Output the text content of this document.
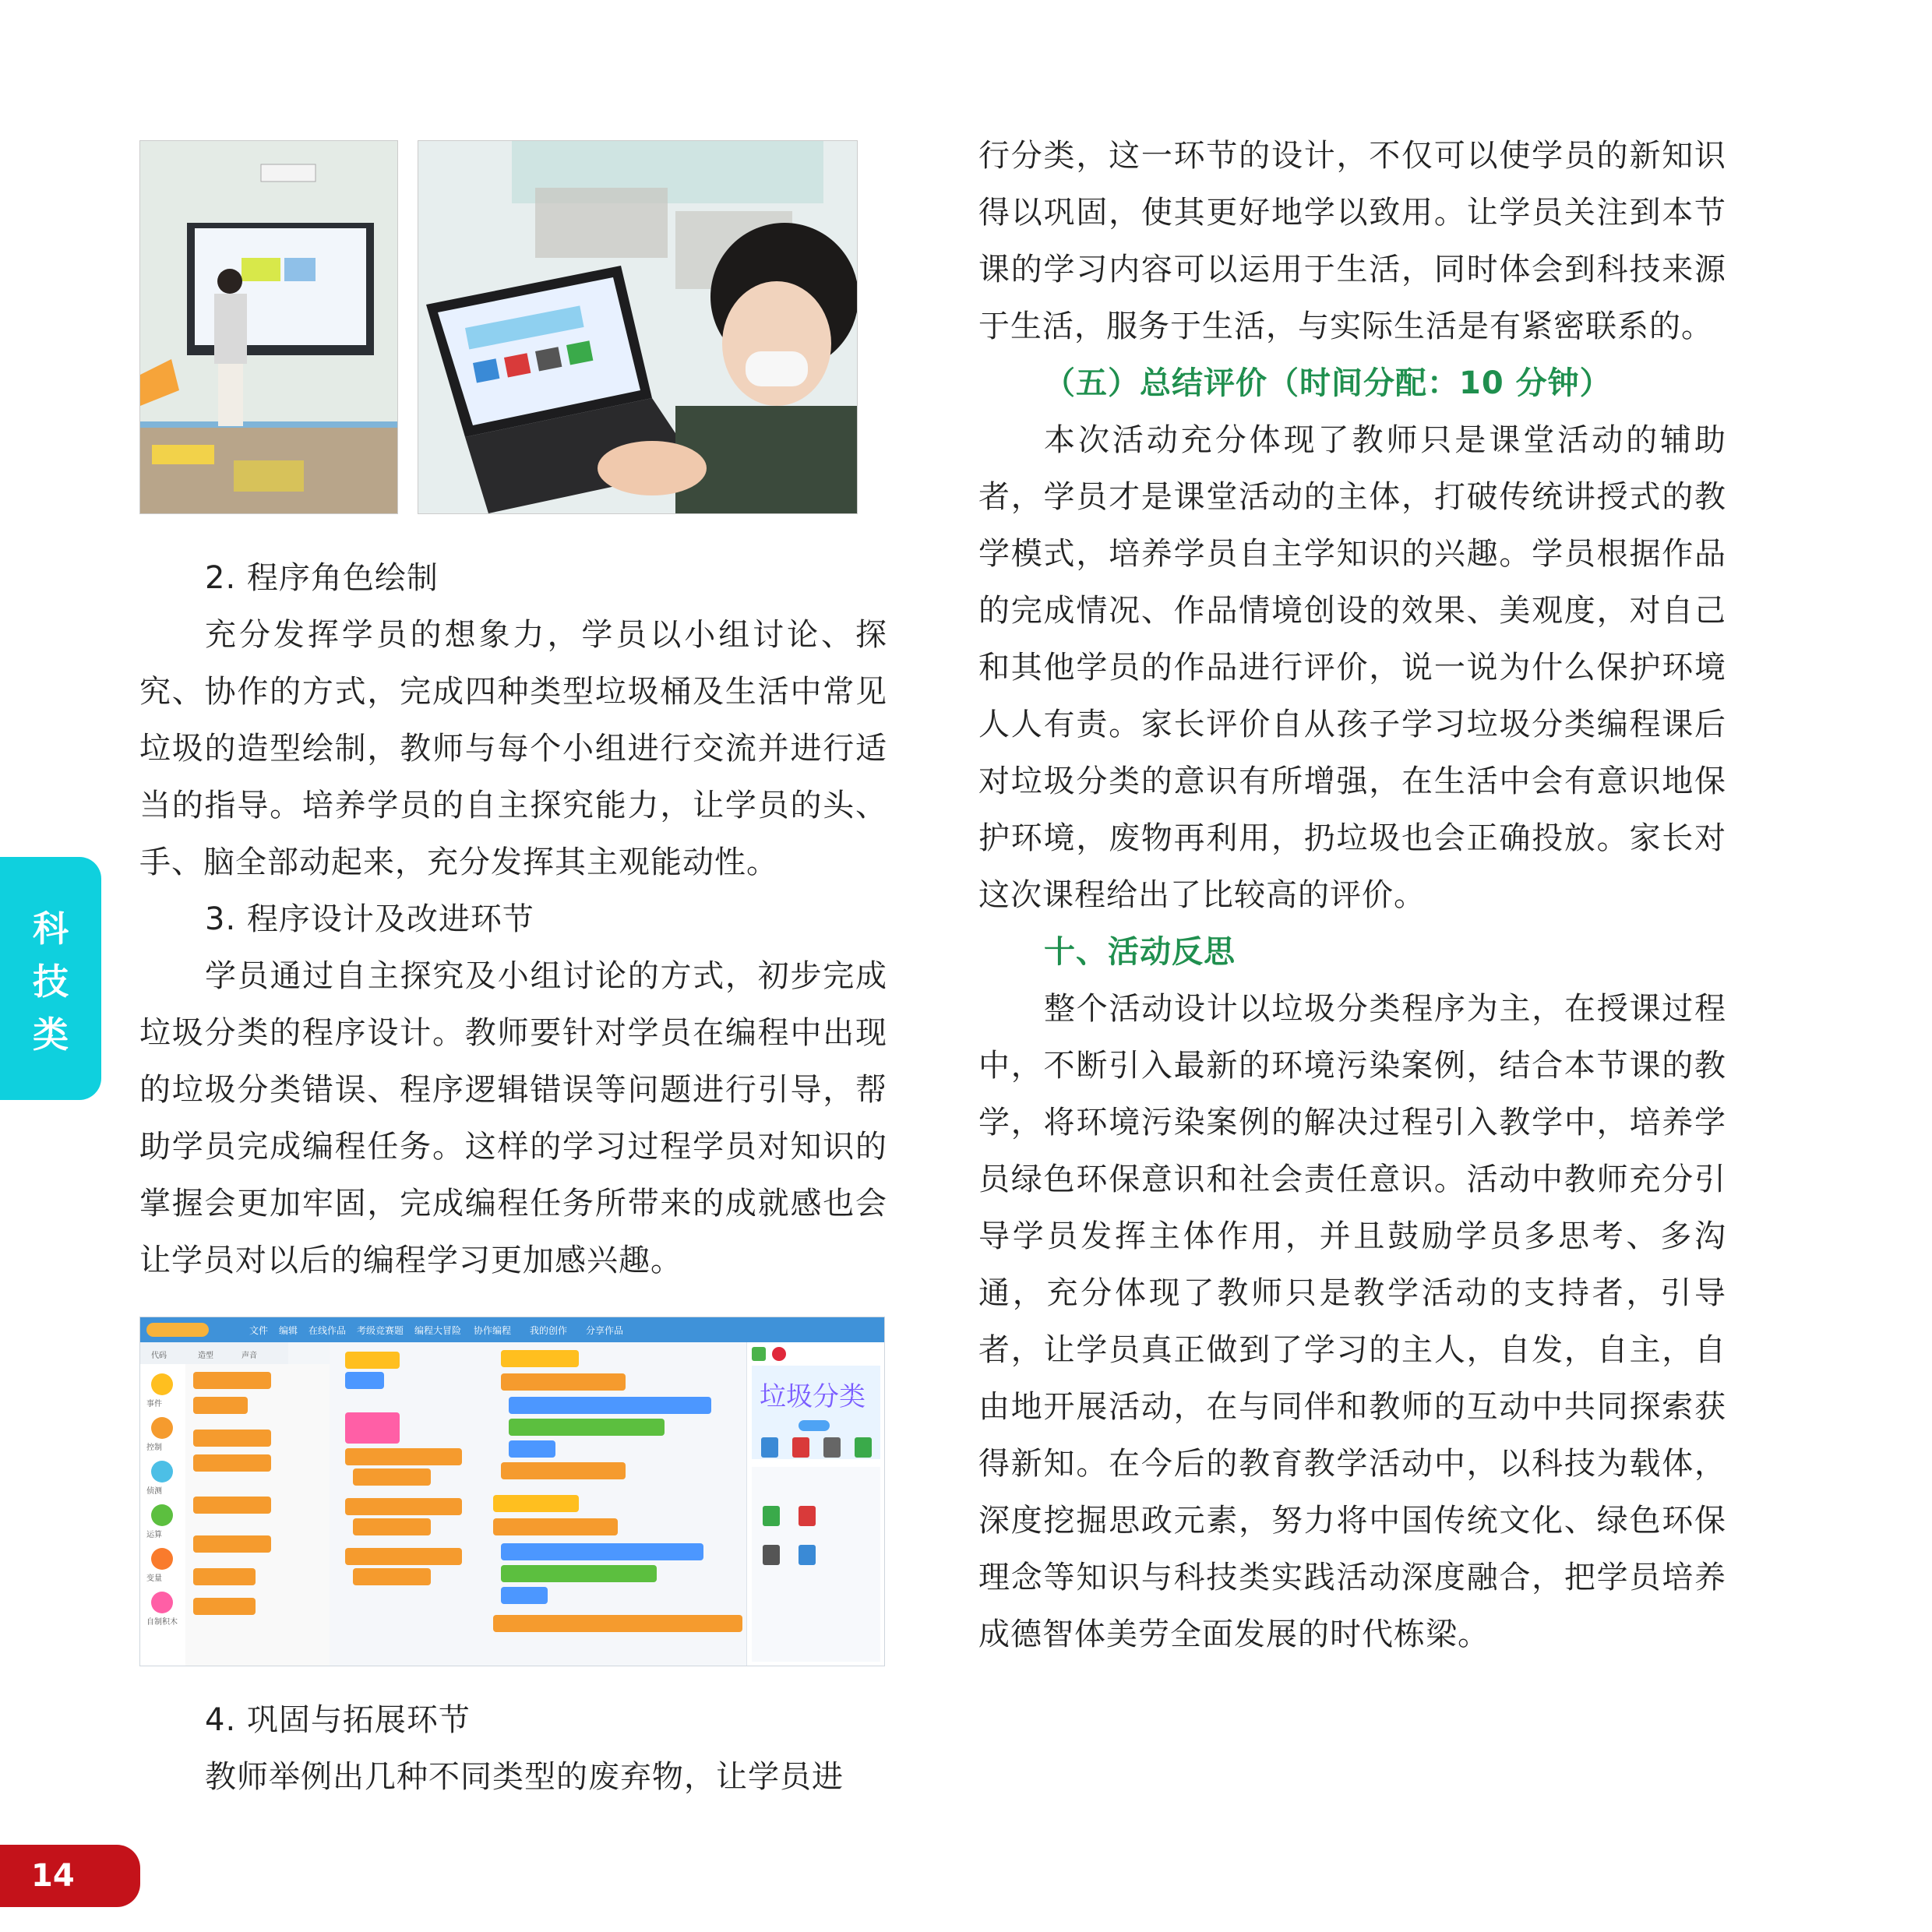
2. 程序角色绘制

充分发挥学员的想象力，学员以小组讨论、探究、协作的方式，完成四种类型垃圾桶及生活中常见垃圾的造型绘制，教师与每个小组进行交流并进行适当的指导。培养学员的自主探究能力，让学员的头、手、脑全部动起来，充分发挥其主观能动性。

3. 程序设计及改进环节

学员通过自主探究及小组讨论的方式，初步完成垃圾分类的程序设计。教师要针对学员在编程中出现的垃圾分类错误、程序逻辑错误等问题进行引导，帮助学员完成编程任务。这样的学习过程学员对知识的掌握会更加牢固，完成编程任务所带来的成就感也会让学员对以后的编程学习更加感兴趣。

文件 编辑 在线作品 考级竞赛题 编程大冒险 协作编程 我的创作 分享作品
代码	造型	声音
事件
控制
侦测
运算
变量
自制积木
垃圾分类

4. 巩固与拓展环节

教师举例出几种不同类型的废弃物，让学员进

行分类，这一环节的设计，不仅可以使学员的新知识得以巩固，使其更好地学以致用。让学员关注到本节课的学习内容可以运用于生活，同时体会到科技来源于生活，服务于生活，与实际生活是有紧密联系的。

（五）总结评价（时间分配：10 分钟）

本次活动充分体现了教师只是课堂活动的辅助者，学员才是课堂活动的主体，打破传统讲授式的教学模式，培养学员自主学知识的兴趣。学员根据作品的完成情况、作品情境创设的效果、美观度，对自己和其他学员的作品进行评价，说一说为什么保护环境人人有责。家长评价自从孩子学习垃圾分类编程课后对垃圾分类的意识有所增强，在生活中会有意识地保护环境，废物再利用，扔垃圾也会正确投放。家长对这次课程给出了比较高的评价。

十、活动反思

整个活动设计以垃圾分类程序为主，在授课过程中，不断引入最新的环境污染案例，结合本节课的教学，将环境污染案例的解决过程引入教学中，培养学员绿色环保意识和社会责任意识。活动中教师充分引导学员发挥主体作用，并且鼓励学员多思考、多沟通，充分体现了教师只是教学活动的支持者，引导者，让学员真正做到了学习的主人，自发，自主，自由地开展活动，在与同伴和教师的互动中共同探索获得新知。在今后的教育教学活动中，以科技为载体，深度挖掘思政元素，努力将中国传统文化、绿色环保理念等知识与科技类实践活动深度融合，把学员培养成德智体美劳全面发展的时代栋梁。

科
技
类
14
